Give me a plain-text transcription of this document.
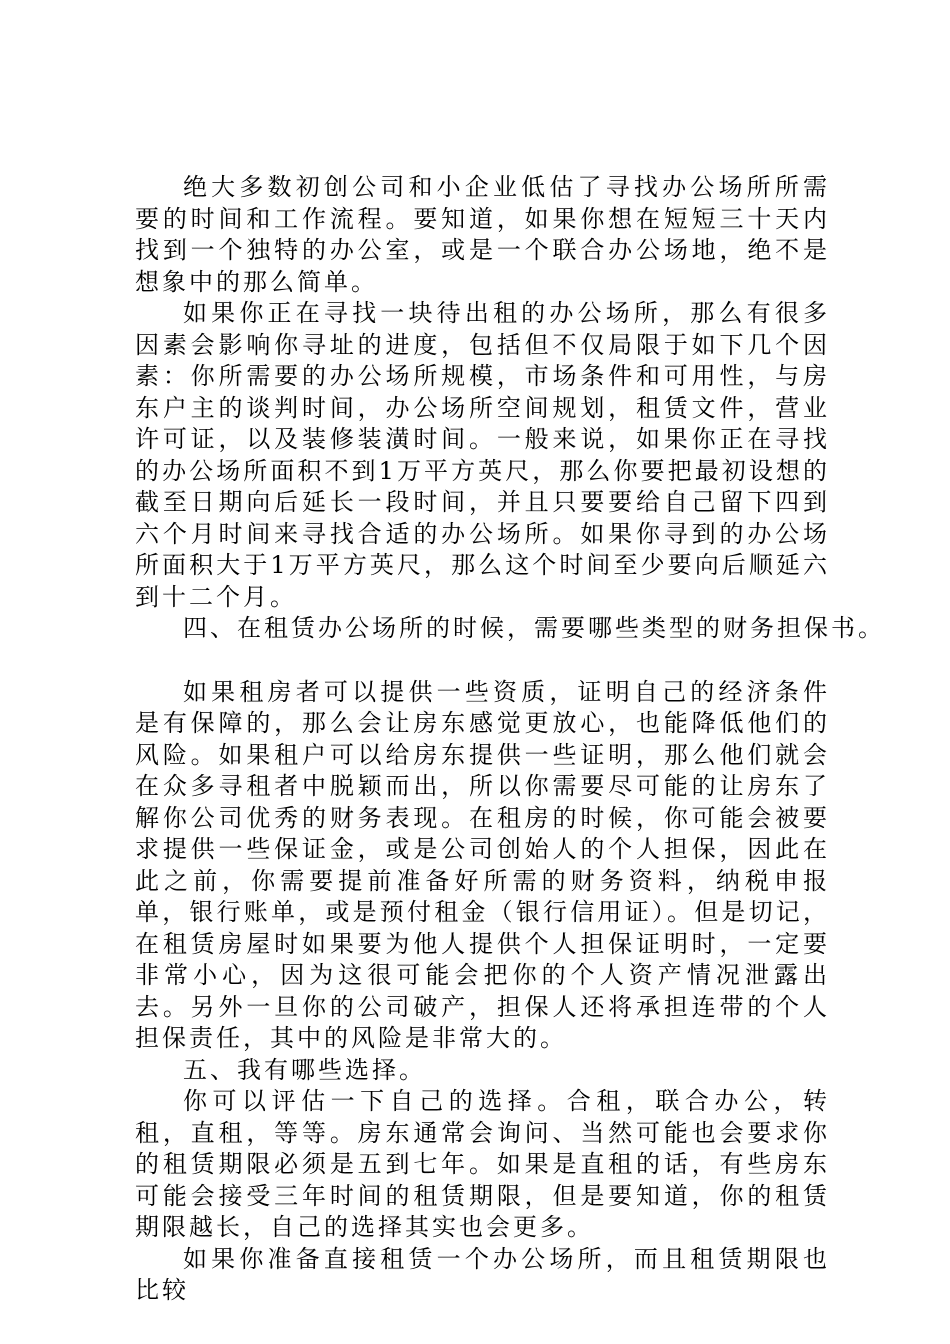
绝大多数初创公司和小企业低估了寻找办公场所所需要的时间和工作流程。要知道，如果你想在短短三十天内找到一个独特的办公室，或是一个联合办公场地，绝不是想象中的那么简单。

如果你正在寻找一块待出租的办公场所，那么有很多因素会影响你寻址的进度，包括但不仅局限于如下几个因素：你所需要的办公场所规模，市场条件和可用性，与房东户主的谈判时间，办公场所空间规划，租赁文件，营业许可证，以及装修装潢时间。一般来说，如果你正在寻找的办公场所面积不到1万平方英尺，那么你要把最初设想的截至日期向后延长一段时间，并且只要要给自己留下四到六个月时间来寻找合适的办公场所。如果你寻到的办公场所面积大于1万平方英尺，那么这个时间至少要向后顺延六到十二个月。

四、在租赁办公场所的时候，需要哪些类型的财务担保书。

如果租房者可以提供一些资质，证明自己的经济条件是有保障的，那么会让房东感觉更放心，也能降低他们的风险。如果租户可以给房东提供一些证明，那么他们就会在众多寻租者中脱颖而出，所以你需要尽可能的让房东了解你公司优秀的财务表现。在租房的时候，你可能会被要求提供一些保证金，或是公司创始人的个人担保，因此在此之前，你需要提前准备好所需的财务资料，纳税申报单，银行账单，或是预付租金（银行信用证）。但是切记，在租赁房屋时如果要为他人提供个人担保证明时，一定要非常小心，因为这很可能会把你的个人资产情况泄露出去。另外一旦你的公司破产，担保人还将承担连带的个人担保责任，其中的风险是非常大的。

五、我有哪些选择。

你可以评估一下自己的选择。合租，联合办公，转租，直租，等等。房东通常会询问、当然可能也会要求你的租赁期限必须是五到七年。如果是直租的话，有些房东可能会接受三年时间的租赁期限，但是要知道，你的租赁期限越长，自己的选择其实也会更多。

如果你准备直接租赁一个办公场所，而且租赁期限也比较
